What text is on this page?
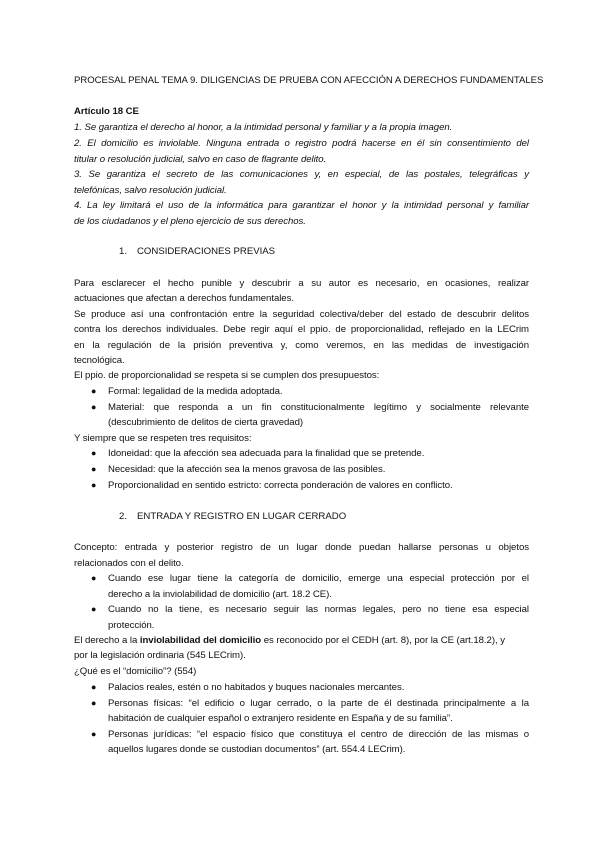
PROCESAL PENAL TEMA 9. DILIGENCIAS DE PRUEBA CON AFECCIÓN A DERECHOS FUNDAMENTALES
Artículo 18 CE
1. Se garantiza el derecho al honor, a la intimidad personal y familiar y a la propia imagen.
2. El domicilio es inviolable. Ninguna entrada o registro podrá hacerse en él sin consentimiento del
titular o resolución judicial, salvo en caso de flagrante delito.
3. Se garantiza el secreto de las comunicaciones y, en especial, de las postales, telegráficas y
telefónicas, salvo resolución judicial.
4. La ley limitará el uso de la informática para garantizar el honor y la intimidad personal y familiar
de los ciudadanos y el pleno ejercicio de sus derechos.
1. CONSIDERACIONES PREVIAS
Para esclarecer el hecho punible y descubrir a su autor es necesario, en ocasiones, realizar
actuaciones que afectan a derechos fundamentales.
Se produce así una confrontación entre la seguridad colectiva/deber del estado de descubrir delitos
contra los derechos individuales. Debe regir aquí el ppio. de proporcionalidad, reflejado en la LECrim
en la regulación de la prisión preventiva y, como veremos, en las medidas de investigación
tecnológica.
El ppio. de proporcionalidad se respeta si se cumplen dos presupuestos:
● Formal: legalidad de la medida adoptada.
● Material: que responda a un fin constitucionalmente legítimo y socialmente relevante
(descubrimiento de delitos de cierta gravedad)
Y siempre que se respeten tres requisitos:
● Idoneidad: que la afección sea adecuada para la finalidad que se pretende.
● Necesidad: que la afección sea la menos gravosa de las posibles.
● Proporcionalidad en sentido estricto: correcta ponderación de valores en conflicto.
2. ENTRADA Y REGISTRO EN LUGAR CERRADO
Concepto: entrada y posterior registro de un lugar donde puedan hallarse personas u objetos
relacionados con el delito.
● Cuando ese lugar tiene la categoría de domicilio, emerge una especial protección por el
derecho a la inviolabilidad de domicilio (art. 18.2 CE).
● Cuando no la tiene, es necesario seguir las normas legales, pero no tiene esa especial
protección.
El derecho a la inviolabilidad del domicilio es reconocido por el CEDH (art. 8), por la CE (art.18.2), y
por la legislación ordinaria (545 LECrim).
¿Qué es el “domicilio”? (554)
● Palacios reales, estén o no habitados y buques nacionales mercantes.
● Personas físicas: “el edificio o lugar cerrado, o la parte de él destinada principalmente a la
habitación de cualquier español o extranjero residente en España y de su familia”.
● Personas jurídicas: “el espacio físico que constituya el centro de dirección de las mismas o
aquellos lugares donde se custodian documentos” (art. 554.4 LECrim).
